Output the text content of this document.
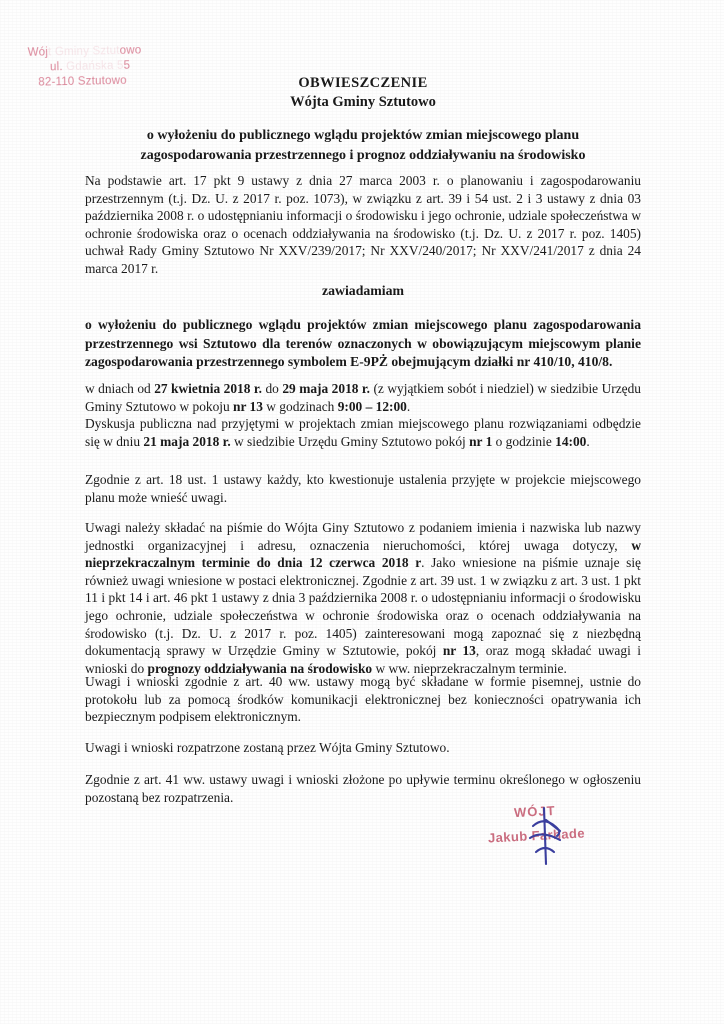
Wójt Gminy Sztutowo
ul. Gdańska 55
82-110 Sztutowo	OBWIESZCZENIE
Wójta Gminy Sztutowo
o wyłożeniu do publicznego wglądu projektów zmian miejscowego planu
zagospodarowania przestrzennego i prognoz oddziaływaniu na środowisko

Na podstawie art. 17 pkt 9 ustawy z dnia 27 marca 2003 r. o planowaniu i zagospodarowaniu przestrzennym (t.j. Dz. U. z 2017 r. poz. 1073), w związku z art. 39 i 54 ust. 2 i 3 ustawy z dnia 03 października 2008 r. o udostępnianiu informacji o środowisku i jego ochronie, udziale społeczeństwa w ochronie środowiska oraz o ocenach oddziaływania na środowisko (t.j. Dz. U. z 2017 r. poz. 1405) uchwał Rady Gminy Sztutowo Nr XXV/239/2017; Nr XXV/240/2017; Nr XXV/241/2017 z dnia 24 marca 2017 r.

zawiadamiam

o wyłożeniu do publicznego wglądu projektów zmian miejscowego planu zagospodarowania przestrzennego wsi Sztutowo dla terenów oznaczonych w obowiązującym miejscowym planie zagospodarowania przestrzennego symbolem E-9PŻ obejmującym działki nr 410/10, 410/8.

w dniach od 27 kwietnia 2018 r. do 29 maja 2018 r. (z wyjątkiem sobót i niedziel) w siedzibie Urzędu Gminy Sztutowo w pokoju nr 13 w godzinach 9:00 – 12:00.

Dyskusja publiczna nad przyjętymi w projektach zmian miejscowego planu rozwiązaniami odbędzie się w dniu 21 maja 2018 r. w siedzibie Urzędu Gminy Sztutowo pokój nr 1 o godzinie 14:00.

Zgodnie z art. 18 ust. 1 ustawy każdy, kto kwestionuje ustalenia przyjęte w projekcie miejscowego planu może wnieść uwagi.

Uwagi należy składać na piśmie do Wójta Giny Sztutowo z podaniem imienia i nazwiska lub nazwy jednostki organizacyjnej i adresu, oznaczenia nieruchomości, której uwaga dotyczy, w nieprzekraczalnym terminie do dnia 12 czerwca 2018 r. Jako wniesione na piśmie uznaje się również uwagi wniesione w postaci elektronicznej. Zgodnie z art. 39 ust. 1 w związku z art. 3 ust. 1 pkt 11 i pkt 14 i art. 46 pkt 1 ustawy z dnia 3 października 2008 r. o udostępnianiu informacji o środowisku jego ochronie, udziale społeczeństwa w ochronie środowiska oraz o ocenach oddziaływania na środowisko (t.j. Dz. U. z 2017 r. poz. 1405) zainteresowani mogą zapoznać się z niezbędną dokumentacją sprawy w Urzędzie Gminy w Sztutowie, pokój nr 13, oraz mogą składać uwagi i wnioski do prognozy oddziaływania na środowisko w ww. nieprzekraczalnym terminie.

Uwagi i wnioski zgodnie z art. 40 ww. ustawy mogą być składane w formie pisemnej, ustnie do protokołu lub za pomocą środków komunikacji elektronicznej bez konieczności opatrywania ich bezpiecznym podpisem elektronicznym.

Uwagi i wnioski rozpatrzone zostaną przez Wójta Gminy Sztutowo.

Zgodnie z art. 41 ww. ustawy uwagi i wnioski złożone po upływie terminu określonego w ogłoszeniu pozostaną bez rozpatrzenia.

WÓJT
Jakub Farhade
